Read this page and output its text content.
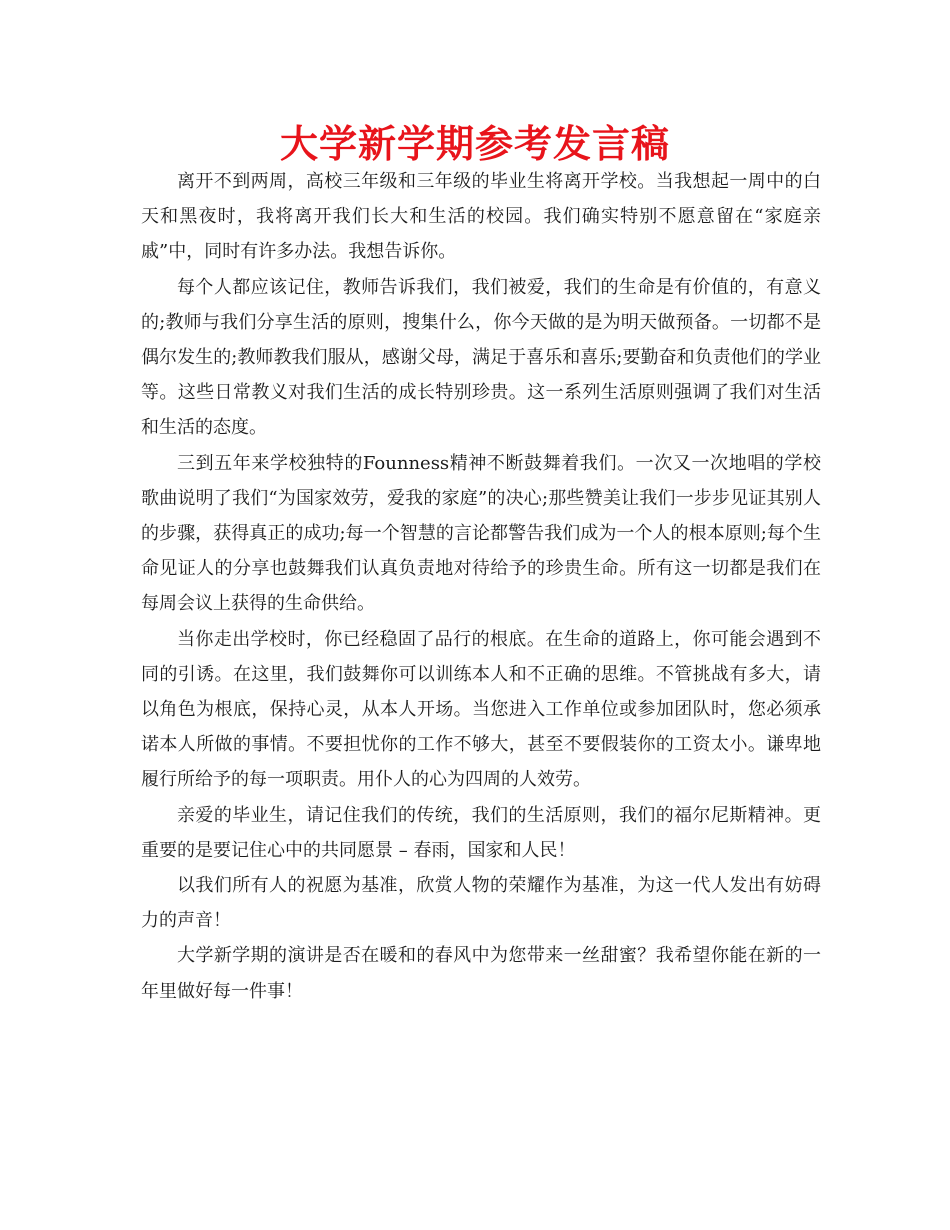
大学新学期参考发言稿

离开不到两周，高校三年级和三年级的毕业生将离开学校。当我想起一周中的白天和黑夜时，我将离开我们长大和生活的校园。我们确实特别不愿意留在“家庭亲戚”中，同时有许多办法。我想告诉你。

每个人都应该记住，教师告诉我们，我们被爱，我们的生命是有价值的，有意义的;教师与我们分享生活的原则，搜集什么，你今天做的是为明天做预备。一切都不是偶尔发生的;教师教我们服从，感谢父母，满足于喜乐和喜乐;要勤奋和负责他们的学业等。这些日常教义对我们生活的成长特别珍贵。这一系列生活原则强调了我们对生活和生活的态度。

三到五年来学校独特的Founness精神不断鼓舞着我们。一次又一次地唱的学校歌曲说明了我们“为国家效劳，爱我的家庭”的决心;那些赞美让我们一步步见证其别人的步骤，获得真正的成功;每一个智慧的言论都警告我们成为一个人的根本原则;每个生命见证人的分享也鼓舞我们认真负责地对待给予的珍贵生命。所有这一切都是我们在每周会议上获得的生命供给。

当你走出学校时，你已经稳固了品行的根底。在生命的道路上，你可能会遇到不同的引诱。在这里，我们鼓舞你可以训练本人和不正确的思维。不管挑战有多大，请以角色为根底，保持心灵，从本人开场。当您进入工作单位或参加团队时，您必须承诺本人所做的事情。不要担忧你的工作不够大，甚至不要假装你的工资太小。谦卑地履行所给予的每一项职责。用仆人的心为四周的人效劳。

亲爱的毕业生，请记住我们的传统，我们的生活原则，我们的福尔尼斯精神。更重要的是要记住心中的共同愿景 – 春雨，国家和人民！

以我们所有人的祝愿为基准，欣赏人物的荣耀作为基准，为这一代人发出有妨碍力的声音！

大学新学期的演讲是否在暖和的春风中为您带来一丝甜蜜？我希望你能在新的一年里做好每一件事！
